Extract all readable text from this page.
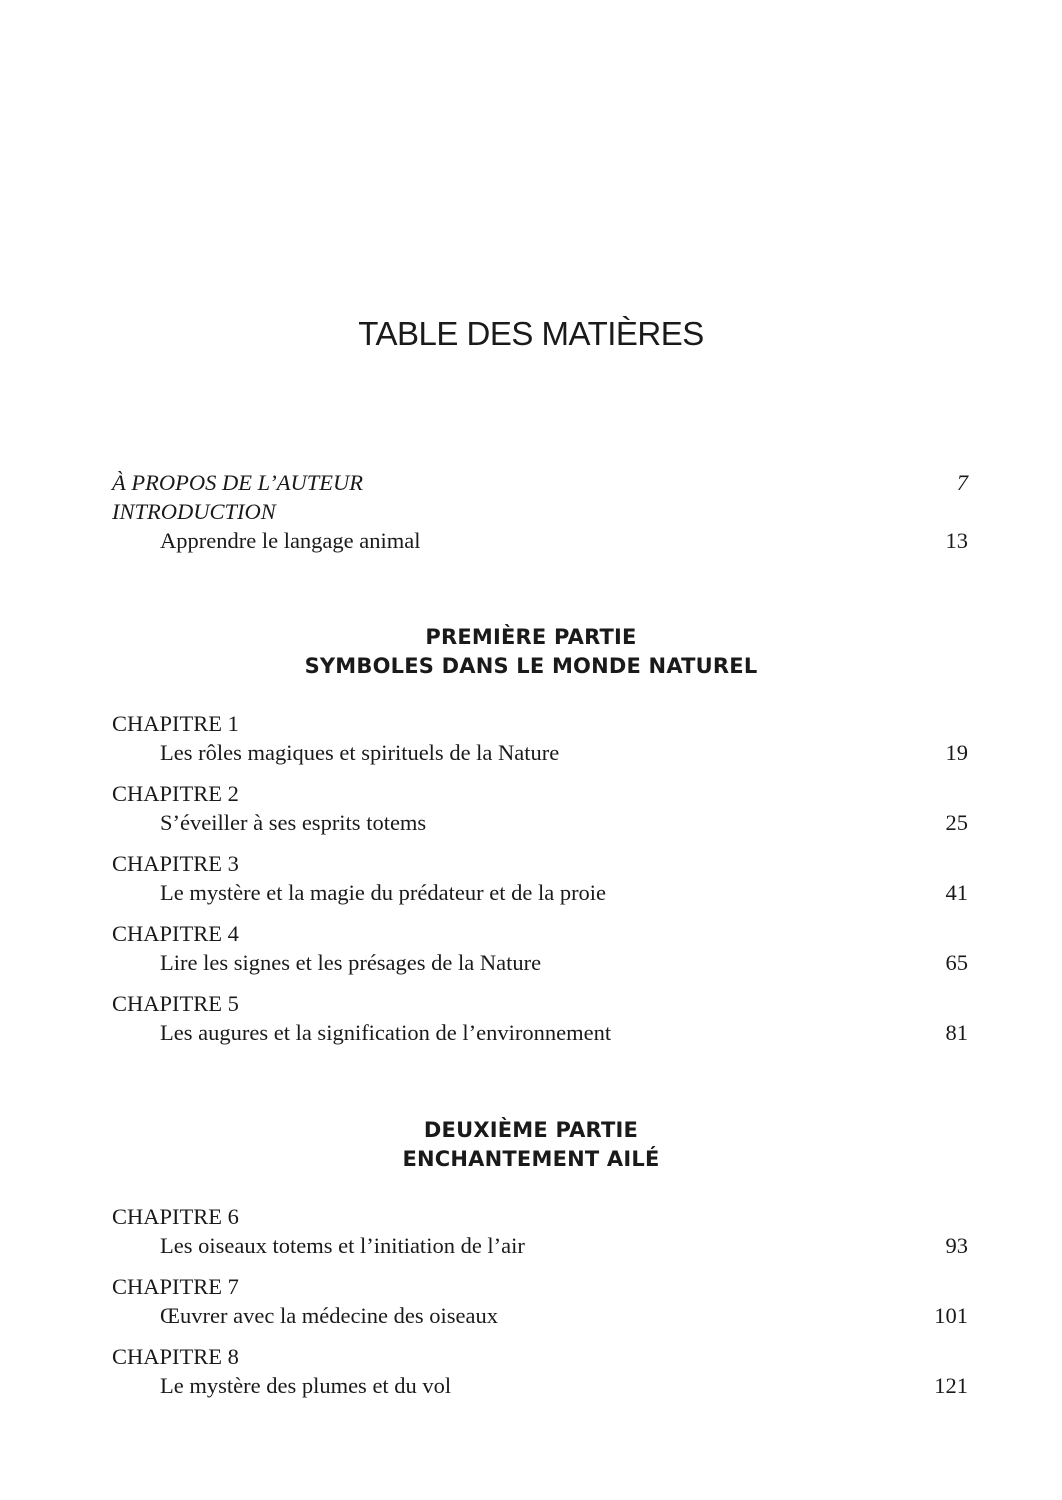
TABLE DES MATIÈRES
À PROPOS DE L’AUTEUR	7
INTRODUCTION
Apprendre le langage animal	13
PREMIÈRE PARTIE
SYMBOLES DANS LE MONDE NATUREL
CHAPITRE 1
Les rôles magiques et spirituels de la Nature	19
CHAPITRE 2
S’éveiller à ses esprits totems	25
CHAPITRE 3
Le mystère et la magie du prédateur et de la proie	41
CHAPITRE 4
Lire les signes et les présages de la Nature	65
CHAPITRE 5
Les augures et la signification de l’environnement	81
DEUXIÈME PARTIE
ENCHANTEMENT AILÉ
CHAPITRE 6
Les oiseaux totems et l’initiation de l’air	93
CHAPITRE 7
Œuvrer avec la médecine des oiseaux	101
CHAPITRE 8
Le mystère des plumes et du vol	121
